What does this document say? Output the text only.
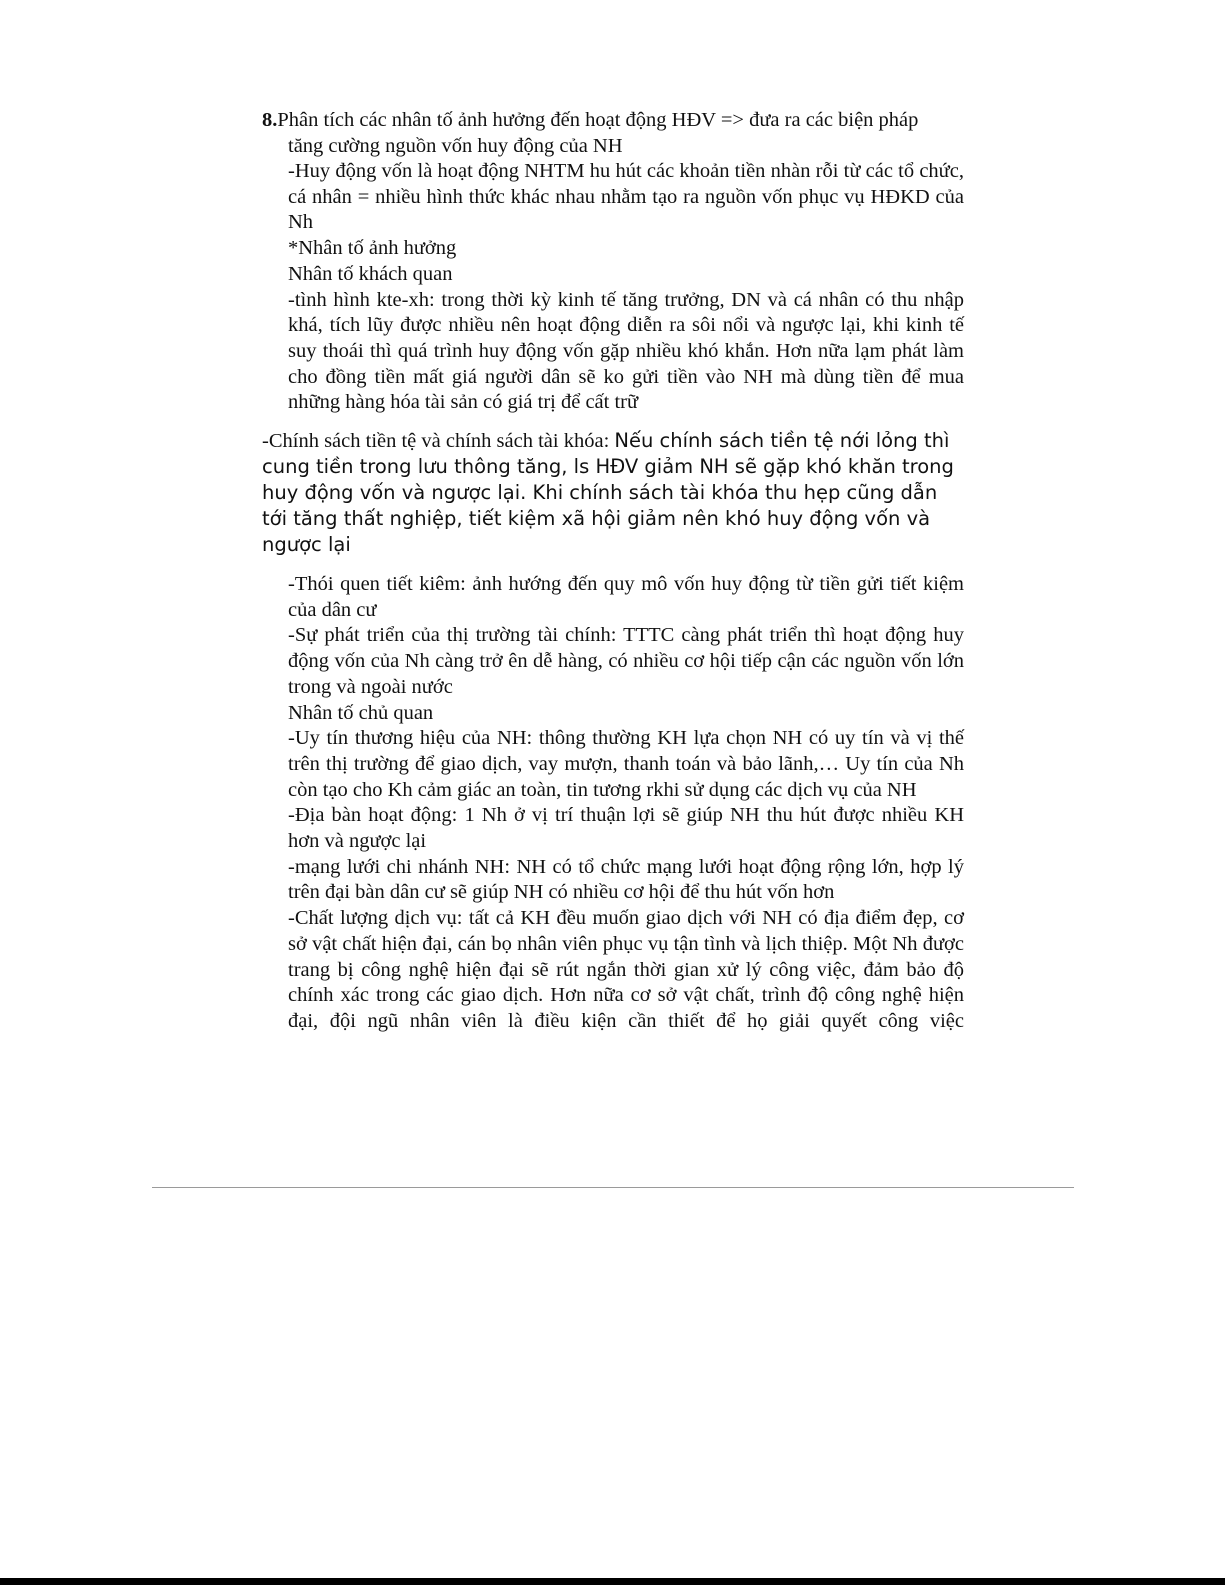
8.Phân tích các nhân tố ảnh hưởng đến hoạt động HĐV => đưa ra các biện pháp

tăng cường nguồn vốn huy động của NH

-Huy động vốn là hoạt động NHTM hu hút các khoản tiền nhàn rỗi từ các tổ chức, cá nhân = nhiều hình thức khác nhau nhằm tạo ra nguồn vốn phục vụ HĐKD của Nh

*Nhân tố ảnh hưởng

Nhân tố khách quan

-tình hình kte-xh: trong thời kỳ kinh tế tăng trưởng, DN và cá nhân có thu nhập khá, tích lũy được nhiều nên hoạt động diễn ra sôi nổi và ngược lại, khi kinh tế suy thoái thì quá trình huy động vốn gặp nhiều khó khắn. Hơn nữa lạm phát làm cho đồng tiền mất giá người dân sẽ ko gửi tiền vào NH mà dùng tiền để mua những hàng hóa tài sản có giá trị để cất trữ

-Chính sách tiền tệ và chính sách tài khóa: Nếu chính sách tiền tệ nới lỏng thì cung tiền trong lưu thông tăng, ls HĐV giảm NH sẽ gặp khó khăn trong huy động vốn và ngược lại. Khi chính sách tài khóa thu hẹp cũng dẫn tới tăng thất nghiệp, tiết kiệm xã hội giảm nên khó huy động vốn và ngược lại

-Thói quen tiết kiêm: ảnh hướng đến quy mô vốn huy động từ tiền gửi tiết kiệm của dân cư

-Sự phát triển của thị trường tài chính: TTTC càng phát triển thì hoạt động huy động vốn của Nh càng trở ên dễ hàng, có nhiều cơ hội tiếp cận các nguồn vốn lớn trong và ngoài nước

Nhân tố chủ quan

-Uy tín thương hiệu của NH: thông thường KH lựa chọn NH có uy tín và vị thế trên thị trường để giao dịch, vay mượn, thanh toán và bảo lãnh,… Uy tín của Nh còn tạo cho Kh cảm giác an toàn, tin tương rkhi sử dụng các dịch vụ của NH

-Địa bàn hoạt động: 1 Nh ở vị trí thuận lợi sẽ giúp NH thu hút được nhiều KH hơn và ngược lại

-mạng lưới chi nhánh NH: NH có tổ chức mạng lưới hoạt động rộng lớn, hợp lý trên đại bàn dân cư sẽ giúp NH có nhiều cơ hội để thu hút vốn hơn

-Chất lượng dịch vụ: tất cả KH đều muốn giao dịch với NH có địa điểm đẹp, cơ sở vật chất hiện đại, cán bọ nhân viên phục vụ tận tình và lịch thiệp. Một Nh được trang bị công nghệ hiện đại sẽ rút ngắn thời gian xử lý công việc, đảm bảo độ chính xác trong các giao dịch. Hơn nữa cơ sở vật chất, trình độ công nghệ hiện đại, đội ngũ nhân viên là điều kiện cần thiết để họ giải quyết công việc
